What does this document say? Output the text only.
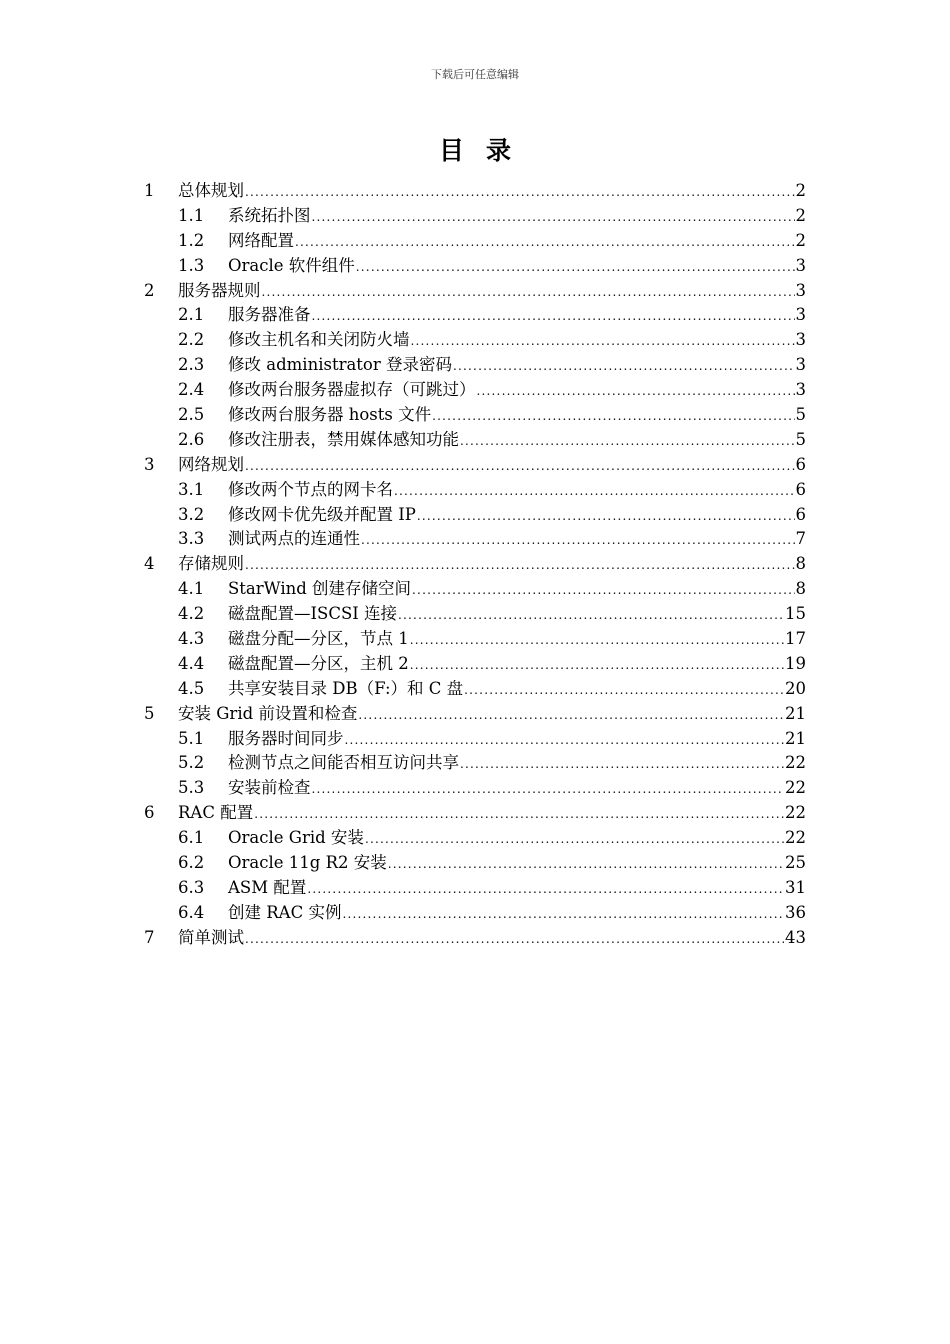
下载后可任意编辑
目录
1	总体规划 .....	2
1.1	系统拓扑图 .....	2
1.2	网络配置 .....	2
1.3	Oracle 软件组件 .....	3
2	服务器规则 .....	3
2.1	服务器准备 .....	3
2.2	修改主机名和关闭防火墙 .....	3
2.3	修改 administrator 登录密码 .....	3
2.4	修改两台服务器虚拟存（可跳过） .....	3
2.5	修改两台服务器 hosts 文件 .....	5
2.6	修改注册表，禁用媒体感知功能 .....	5
3	网络规划 .....	6
3.1	修改两个节点的网卡名 .....	6
3.2	修改网卡优先级并配置 IP .....	6
3.3	测试两点的连通性 .....	7
4	存储规则 .....	8
4.1	StarWind 创建存储空间 .....	8
4.2	磁盘配置—ISCSI 连接 .....	15
4.3	磁盘分配—分区，节点 1 .....	17
4.4	磁盘配置—分区，主机 2 .....	19
4.5	共享安装目录 DB（F:）和 C 盘 .....	20
5	安装 Grid 前设置和检查 .....	21
5.1	服务器时间同步 .....	21
5.2	检测节点之间能否相互访问共享 .....	22
5.3	安装前检查 .....	22
6	RAC 配置 .....	22
6.1	Oracle Grid 安装 .....	22
6.2	Oracle 11g R2 安装 .....	25
6.3	ASM 配置 .....	31
6.4	创建 RAC 实例 .....	36
7	简单测试 .....	43
